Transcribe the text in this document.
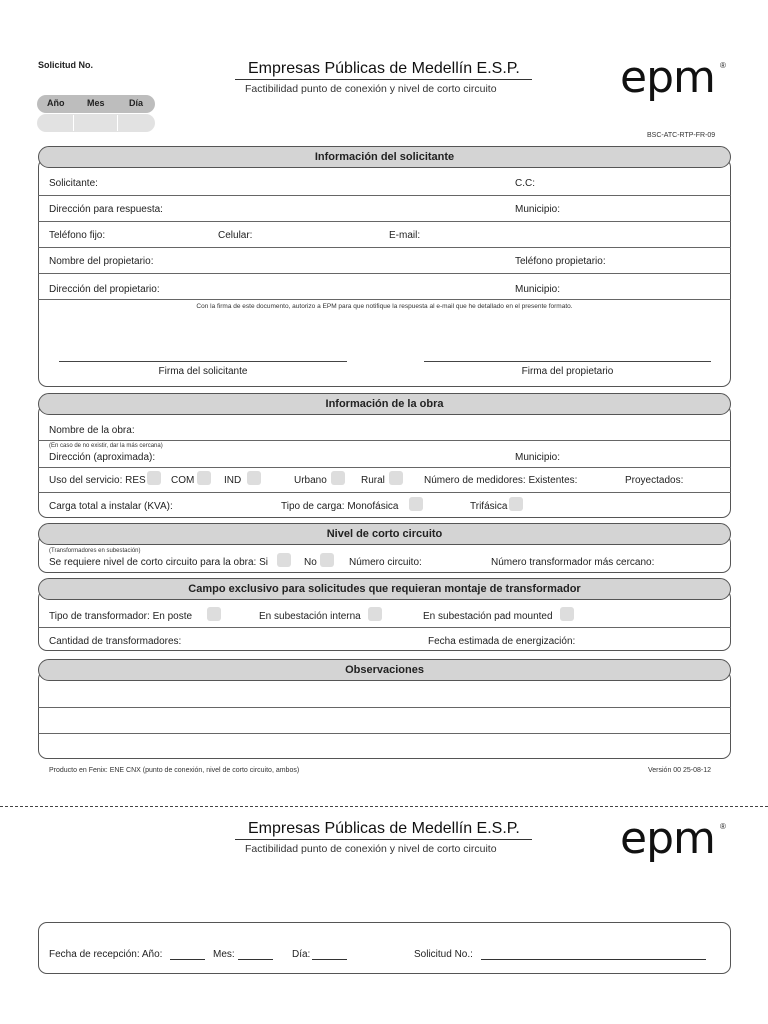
Solicitud No.
Año	Mes	Día
Empresas Públicas de Medellín E.S.P.
Factibilidad punto de conexión y nivel de corto circuito	epm ®
BSC-ATC-RTP-FR-09
Información del solicitante
Solicitante:	C.C:
Dirección para respuesta:	Municipio:
Teléfono fijo:	Celular:	E-mail:
Nombre del propietario:	Teléfono propietario:
Dirección del propietario:	Municipio:
Con la firma de este documento, autorizo a EPM para que notifique la respuesta al e-mail que he detallado en el presente formato.
Firma del solicitante	Firma del propietario
Información de la obra
Nombre de la obra:
(En caso de no existir, dar la más cercana)
Dirección (aproximada):	Municipio:
Uso del servicio: RES	COM	IND	Urbano	Rural	Número de medidores: Existentes:	Proyectados:
Carga total a instalar (KVA):	Tipo de carga: Monofásica	Trifásica
Nivel de corto circuito
(Transformadores en subestación)
Se requiere nivel de corto circuito para la obra: Si	No	Número circuito:	Número transformador más cercano:
Campo exclusivo para solicitudes que requieran montaje de transformador
Tipo de transformador: En poste	En subestación interna	En subestación pad mounted
Cantidad de transformadores:	Fecha estimada de energización:
Observaciones
Producto en Fenix: ENE CNX (punto de conexión, nivel de corto circuito, ambos)	Versión 00 25-08-12
Empresas Públicas de Medellín E.S.P.
Factibilidad punto de conexión y nivel de corto circuito	epm ®
Fecha de recepción: Año:	Mes:	Día:	Solicitud No.:
